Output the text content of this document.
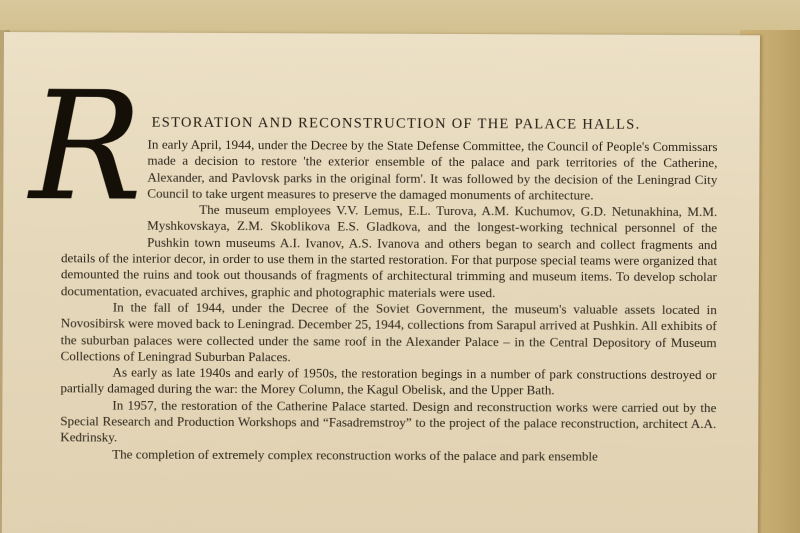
R ESTORATION AND RECONSTRUCTION OF THE PALACE HALLS.

In early April, 1944, under the Decree by the State Defense Committee, the Council of People's Commissars made a decision to restore 'the exterior ensemble of the palace and park territories of the Catherine, Alexander, and Pavlovsk parks in the original form'. It was followed by the decision of the Leningrad City Council to take urgent measures to preserve the damaged monuments of architecture.

The museum employees V.V. Lemus, E.L. Turova, A.M. Kuchumov, G.D. Netunakhina, M.M. Myshkovskaya, Z.M. Skoblikova E.S. Gladkova, and the longest-working technical personnel of the Pushkin town museums A.I. Ivanov, A.S. Ivanova and others began to search and collect fragments and details of the interior decor, in order to use them in the started restoration. For that purpose special teams were organized that demounted the ruins and took out thousands of fragments of architectural trimming and museum items. To develop scholar documentation, evacuated archives, graphic and photographic materials were used.

In the fall of 1944, under the Decree of the Soviet Government, the museum's valuable assets located in Novosibirsk were moved back to Leningrad. December 25, 1944, collections from Sarapul arrived at Pushkin. All exhibits of the suburban palaces were collected under the same roof in the Alexander Palace – in the Central Depository of Museum Collections of Leningrad Suburban Palaces.

As early as late 1940s and early of 1950s, the restoration begings in a number of park constructions destroyed or partially damaged during the war: the Morey Column, the Kagul Obelisk, and the Upper Bath.

In 1957, the restoration of the Catherine Palace started. Design and reconstruction works were carried out by the Special Research and Production Workshops and “Fasadremstroy” to the project of the palace reconstruction, architect A.A. Kedrinsky.

The completion of extremely complex reconstruction works of the palace and park ensemble
